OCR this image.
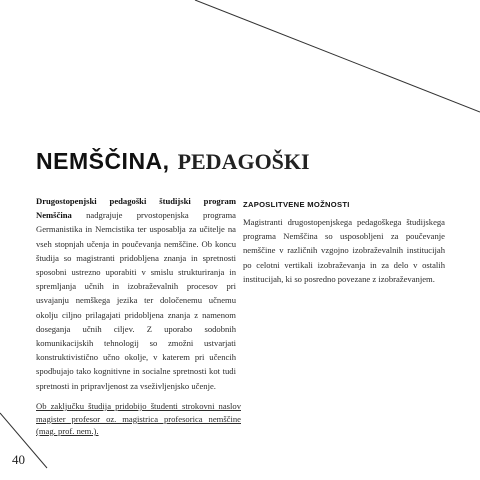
NEMŠČINA, PEDAGOŠKI

Drugostopenjski pedagoški študijski program Nemščina nadgrajuje prvostopenjska programa Germanistika in Nemcistika ter usposablja za učitelje na vseh stopnjah učenja in poučevanja nemščine. Ob koncu študija so magistranti pridobljena znanja in spretnosti sposobni ustrezno uporabiti v smislu strukturiranja in spremljanja učnih in izobraževalnih procesov pri usvajanju nemškega jezika ter določenemu učnemu okolju ciljno prilagajati pridobljena znanja z namenom doseganja učnih ciljev. Z uporabo sodobnih komunikacijskih tehnologij so zmožni ustvarjati konstruktivistično učno okolje, v katerem pri učencih spodbujajo tako kognitivne in socialne spretnosti kot tudi spretnosti in pripravljenost za vseživljenjsko učenje.

Ob zaključku študija pridobijo študenti strokovni naslov magister profesor oz. magistrica profesorica nemščine (mag. prof. nem.).
ZAPOSLITVENE MOŽNOSTI

Magistranti drugostopenjskega pedagoškega študijskega programa Nemščina so usposobljeni za poučevanje nemščine v različnih vzgojno izobraževalnih institucijah po celotni vertikali izobraževanja in za delo v ostalih institucijah, ki so posredno povezane z izobraževanjem.

40
